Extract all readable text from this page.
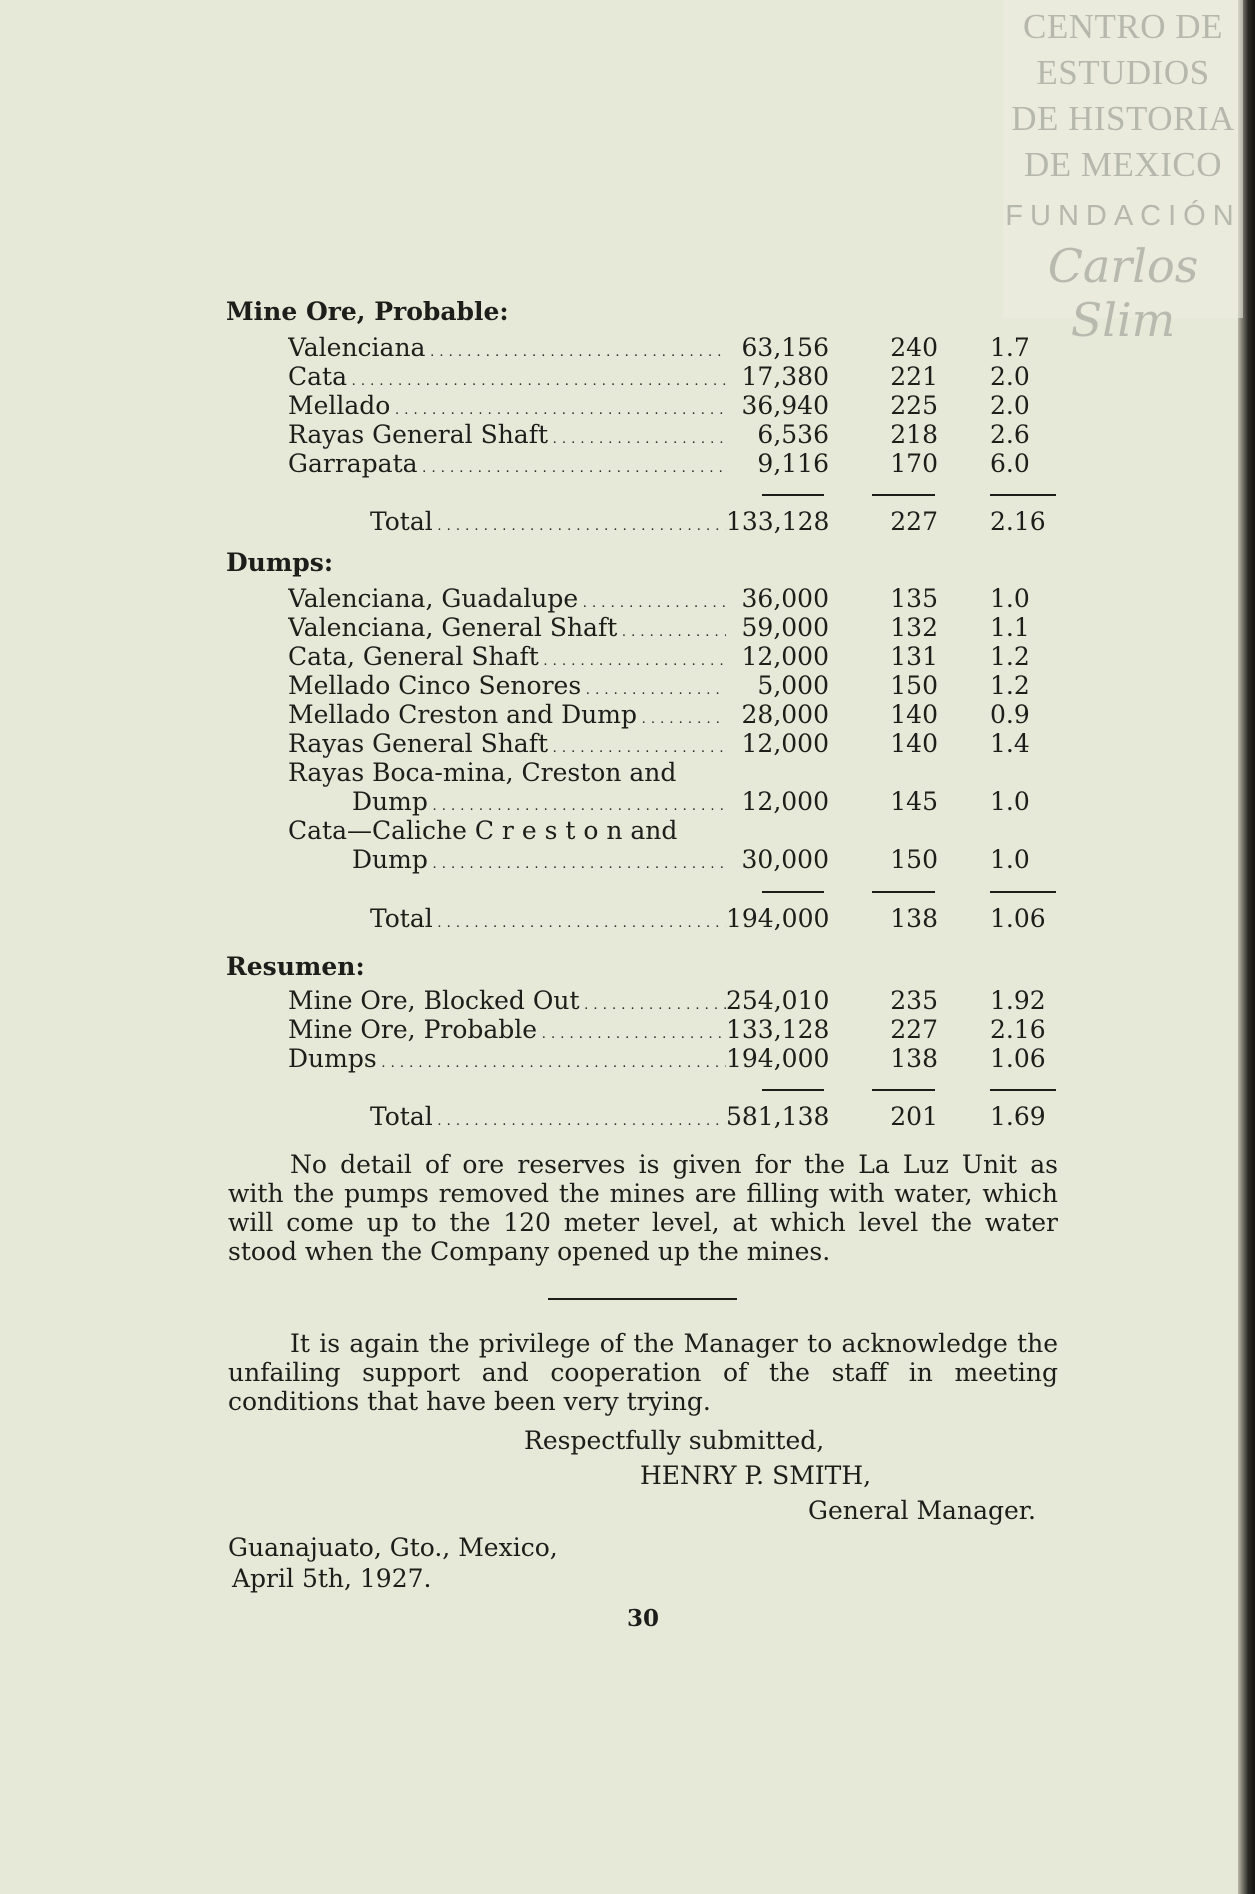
CENTRO DE
ESTUDIOS
DE HISTORIA
DE MEXICO
FUNDACIÓN
Carlos Slim
Mine Ore, Probable:
Valenciana . . .	63,156	240 1.7
Cata . . .	17,380	221 2.0
Mellado . . .	36,940	225 2.0
Rayas General Shaft . . .	6,536	218 2.6
Garrapata . . .	9,116	170 6.0
Total . . .	133,128	227 2.16
Dumps:
Valenciana, Guadalupe . . .	36,000	135 1.0
Valenciana, General Shaft . . .	59,000	132 1.1
Cata, General Shaft . . .	12,000	131 1.2
Mellado Cinco Senores . . .	5,000	150 1.2
Mellado Creston and Dump . . .	28,000	140 0.9
Rayas General Shaft . . .	12,000	140 1.4
Rayas Boca-mina, Creston and
Dump . . .	12,000	145 1.0
Cata—Caliche C r e s t o n and
Dump . . .	30,000	150 1.0
Total . . .	194,000	138 1.06
Resumen:
Mine Ore, Blocked Out . . .	254,010	235 1.92
Mine Ore, Probable . . .	133,128	227 2.16
Dumps . . .	194,000	138 1.06
Total . . .	581,138	201 1.69
No detail of ore reserves is given for the La Luz Unit as with the pumps removed the mines are filling with water, which will come up to the 120 meter level, at which level the water stood when the Company opened up the mines.
It is again the privilege of the Manager to acknowledge the unfailing support and cooperation of the staff in meeting conditions that have been very trying.
Respectfully submitted,
HENRY P. SMITH,
General Manager.
Guanajuato, Gto., Mexico,
April 5th, 1927.
30
